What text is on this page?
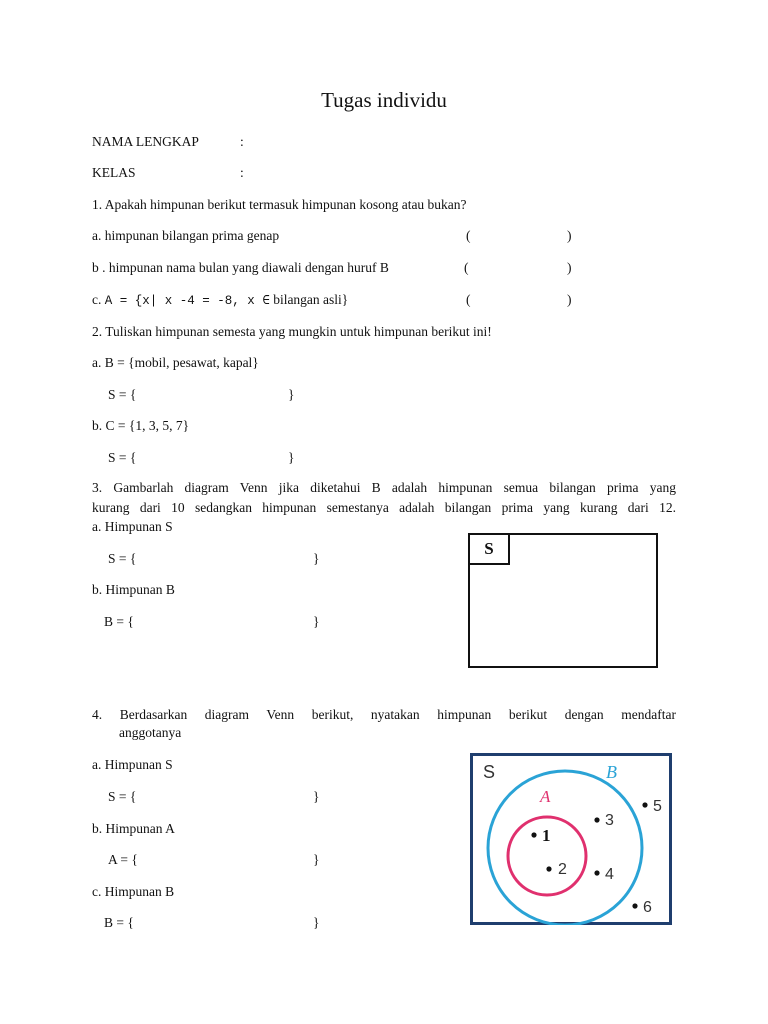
Tugas individu
NAMA LENGKAP	:
KELAS	:
1. Apakah himpunan berikut termasuk himpunan kosong atau bukan?
a. himpunan bilangan prima genap	(	)
b . himpunan nama bulan yang diawali dengan huruf B	(	)
c. A = {x| x -4 = -8, x ∈ bilangan asli}	(	)
2. Tuliskan himpunan semesta yang mungkin untuk himpunan berikut ini!
a. B = {mobil, pesawat, kapal}
S = {	}
b. C = {1, 3, 5, 7}
S = {	}
3. Gambarlah diagram Venn jika diketahui B adalah himpunan semua bilangan prima yang
kurang dari 10 sedangkan himpunan semestanya adalah bilangan prima yang kurang dari 12.
a. Himpunan S
S = {	}
b. Himpunan B
B = {	}
S
4. Berdasarkan diagram Venn berikut, nyatakan himpunan berikut dengan mendaftar
anggotanya
a. Himpunan S
S = {	}
b. Himpunan A
A = {	}
c. Himpunan B
B = {	}
S	B
A
1
2
3
4
5
6
